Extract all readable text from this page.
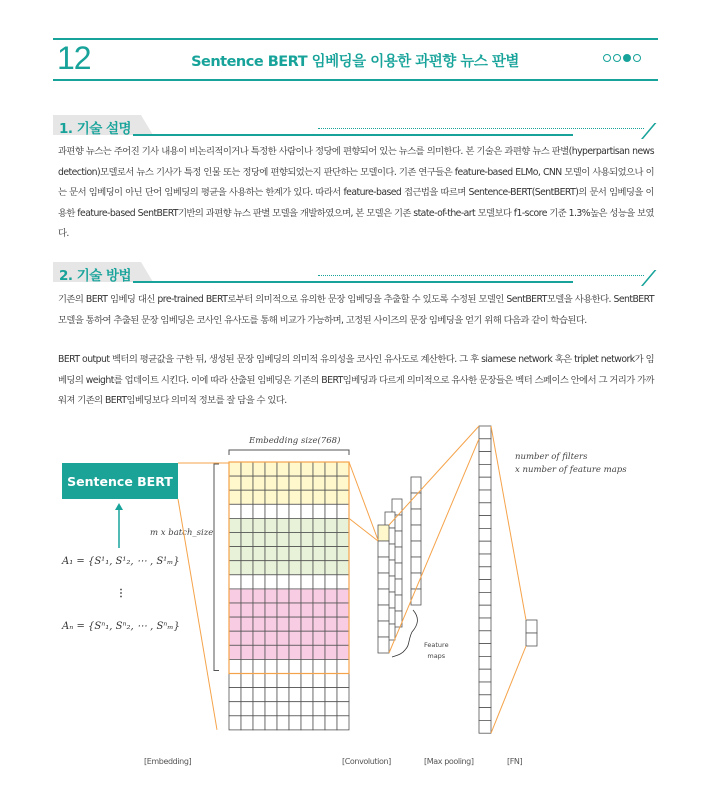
12	Sentence BERT 임베딩을 이용한 과편향 뉴스 판별
1. 기술 설명
과편향 뉴스는 주어진 기사 내용이 비논리적이거나 특정한 사람이나 정당에 편향되어 있는 뉴스를 의미한다. 본 기술은 과편향 뉴스 판별(hyperpartisan news detection)모델로서 뉴스 기사가 특정 인물 또는 정당에 편향되었는지 판단하는 모델이다. 기존 연구들은 feature-based ELMo, CNN 모델이 사용되었으나 이는 문서 임베딩이 아닌 단어 임베딩의 평균을 사용하는 한계가 있다. 따라서 feature-based 접근법을 따르며 Sentence-BERT(SentBERT)의 문서 임베딩을 이용한 feature-based SentBERT기반의 과편향 뉴스 판별 모델을 개발하였으며, 본 모델은 기존 state-of-the-art 모델보다 f1-score 기준 1.3%높은 성능을 보였다.
2. 기술 방법
기존의 BERT 임베딩 대신 pre-trained BERT로부터 의미적으로 유의한 문장 임베딩을 추출할 수 있도록 수정된 모델인 SentBERT모델을 사용한다. SentBERT모델을 통하여 추출된 문장 임베딩은 코사인 유사도를 통해 비교가 가능하며, 고정된 사이즈의 문장 임베딩을 얻기 위해 다음과 같이 학습된다.
BERT output 벡터의 평균값을 구한 뒤, 생성된 문장 임베딩의 의미적 유의성을 코사인 유사도로 계산한다. 그 후 siamese network 혹은 triplet network가 임베딩의 weight를 업데이트 시킨다. 이에 따라 산출된 임베딩은 기존의 BERT임베딩과 다르게 의미적으로 유사한 문장들은 벡터 스페이스 안에서 그 거리가 가까워져 기존의 BERT임베딩보다 의미적 정보를 잘 담을 수 있다.
Sentence BERT
Embedding size(768)
m x batch_size
A₁ = {S¹₁, S¹₂, ⋯ , S¹ₘ}
⋮
Aₙ = {Sⁿ₁, Sⁿ₂, ⋯ , Sⁿₘ}
number of filters
x number of feature maps
Feature
maps
[Embedding]	[Convolution]	[Max pooling]	[FN]
